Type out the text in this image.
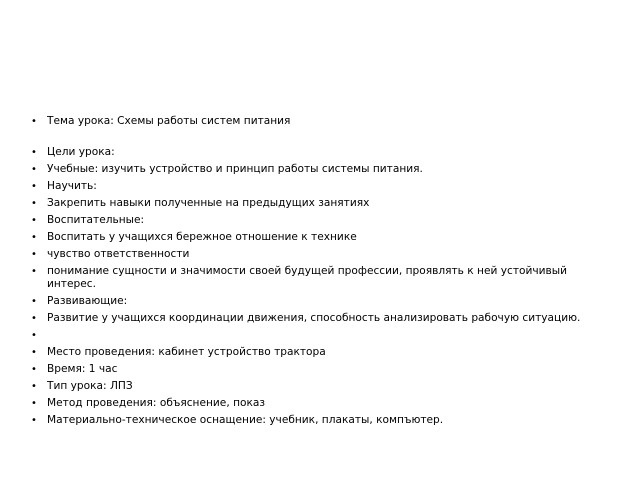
• Тема урока: Схемы работы систем питания
• Цели урока:
• Учебные: изучить устройство и принцип работы системы питания.
• Научить:
• Закрепить навыки полученные на предыдущих занятиях
• Воспитательные:
• Воспитать у учащихся бережное отношение к технике
• чувство ответственности
• понимание сущности и значимости своей будущей профессии, проявлять к ней устойчивый интерес.
• Развивающие:
• Развитие у учащихся координации движения, способность анализировать рабочую ситуацию.
•
• Место проведения: кабинет устройство трактора
• Время: 1 час
• Тип урока: ЛПЗ
• Метод проведения: объяснение, показ
• Материально-техническое оснащение: учебник, плакаты, компъютер.
